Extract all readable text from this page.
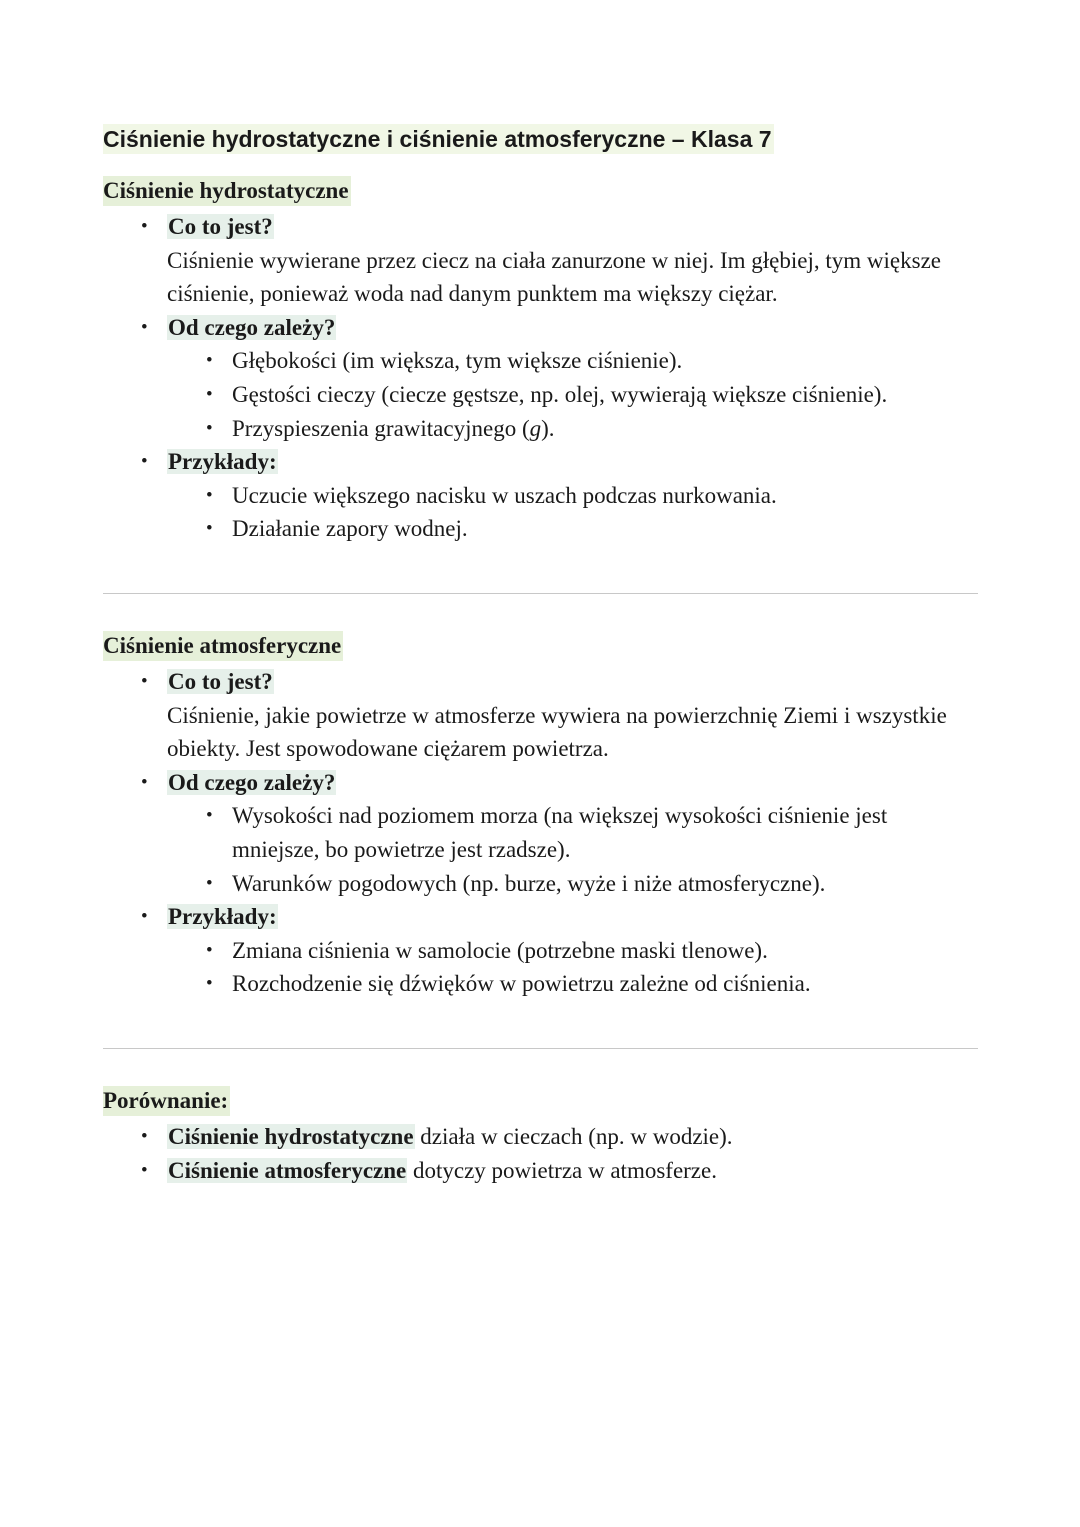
Ciśnienie hydrostatyczne i ciśnienie atmosferyczne – Klasa 7
Ciśnienie hydrostatyczne
• Co to jest?
Ciśnienie wywierane przez ciecz na ciała zanurzone w niej. Im głębiej, tym większe ciśnienie, ponieważ woda nad danym punktem ma większy ciężar.
• Od czego zależy?
• Głębokości (im większa, tym większe ciśnienie).
• Gęstości cieczy (ciecze gęstsze, np. olej, wywierają większe ciśnienie).
• Przyspieszenia grawitacyjnego (g).
• Przykłady:
• Uczucie większego nacisku w uszach podczas nurkowania.
• Działanie zapory wodnej.
Ciśnienie atmosferyczne
• Co to jest?
Ciśnienie, jakie powietrze w atmosferze wywiera na powierzchnię Ziemi i wszystkie obiekty. Jest spowodowane ciężarem powietrza.
• Od czego zależy?
• Wysokości nad poziomem morza (na większej wysokości ciśnienie jest mniejsze, bo powietrze jest rzadsze).
• Warunków pogodowych (np. burze, wyże i niże atmosferyczne).
• Przykłady:
• Zmiana ciśnienia w samolocie (potrzebne maski tlenowe).
• Rozchodzenie się dźwięków w powietrzu zależne od ciśnienia.
Porównanie:
• Ciśnienie hydrostatyczne działa w cieczach (np. w wodzie).
• Ciśnienie atmosferyczne dotyczy powietrza w atmosferze.
